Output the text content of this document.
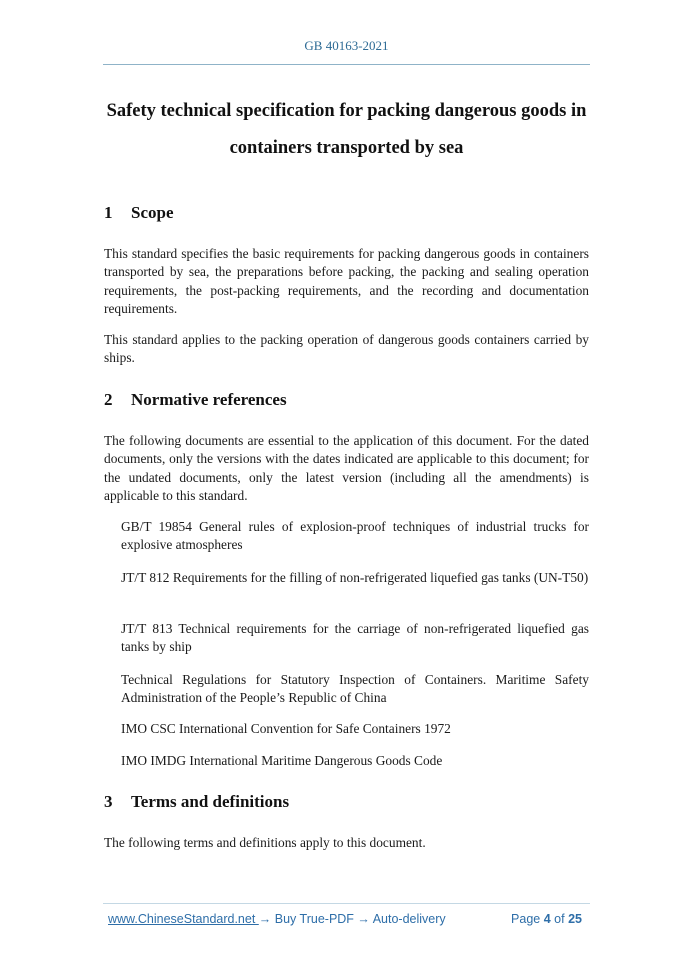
GB 40163-2021
Safety technical specification for packing dangerous goods in
containers transported by sea
1 Scope

This standard specifies the basic requirements for packing dangerous goods in containers transported by sea, the preparations before packing, the packing and sealing operation requirements, the post-packing requirements, and the recording and documentation requirements.

This standard applies to the packing operation of dangerous goods containers carried by ships.

2 Normative references

The following documents are essential to the application of this document. For the dated documents, only the versions with the dates indicated are applicable to this document; for the undated documents, only the latest version (including all the amendments) is applicable to this standard.

GB/T 19854 General rules of explosion-proof techniques of industrial trucks for explosive atmospheres

JT/T 812 Requirements for the filling of non-refrigerated liquefied gas tanks (UN-T50)

JT/T 813 Technical requirements for the carriage of non-refrigerated liquefied gas tanks by ship

Technical Regulations for Statutory Inspection of Containers. Maritime Safety Administration of the People’s Republic of China

IMO CSC International Convention for Safe Containers 1972

IMO IMDG International Maritime Dangerous Goods Code

3 Terms and definitions

The following terms and definitions apply to this document.

www.ChineseStandard.net → Buy True-PDF → Auto-delivery	Page 4 of 25
